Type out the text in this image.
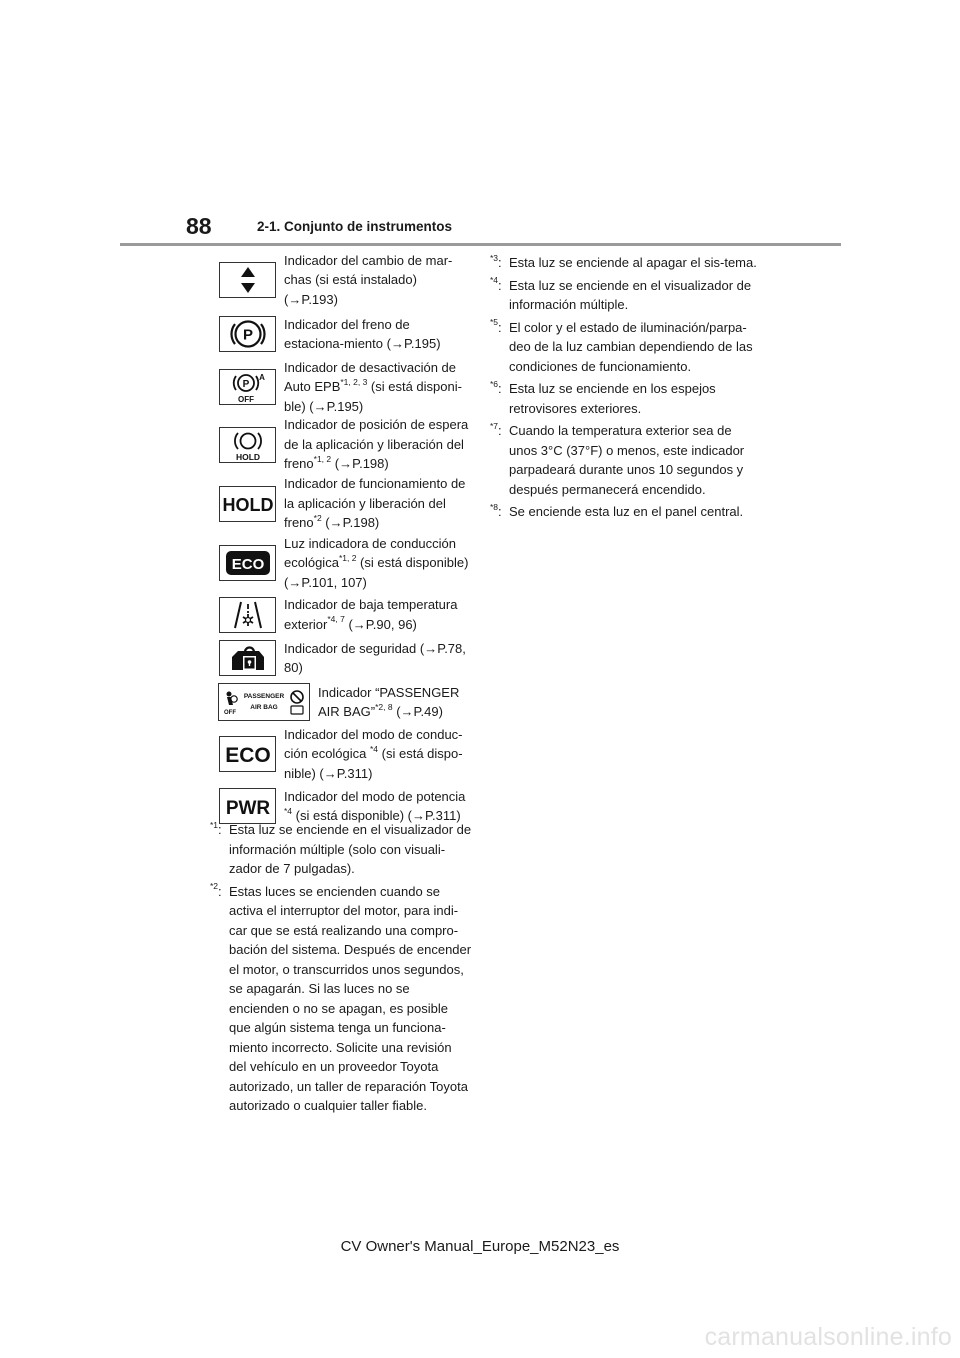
88	2-1. Conjunto de instrumentos
Indicador del cambio de mar-chas (si está instalado) (→P.193)
P
Indicador del freno de estaciona-miento (→P.195)
P
A
OFF
Indicador de desactivación de Auto EPB$^{*1, 2, 3}$ (si está disponi-ble) (→P.195)
HOLD
Indicador de posición de espera de la aplicación y liberación del freno$^{*1, 2}$ (→P.198)
HOLD
Indicador de funcionamiento de la aplicación y liberación del freno$^{*2}$ (→P.198)
ECO
Luz indicadora de conducción ecológica$^{*1, 2}$ (si está disponible) (→P.101, 107)
Indicador de baja temperatura exterior$^{*4, 7}$ (→P.90, 96)
Indicador de seguridad (→P.78, 80)
OFF
PASSENGER
AIR BAG
Indicador “PASSENGER AIR BAG”$^{*2, 8}$ (→P.49)
ECO
Indicador del modo de conduc-ción ecológica $^{*4}$ (si está dispo-nible) (→P.311)
PWR
Indicador del modo de potencia $^{*4}$ (si está disponible) (→P.311)
$^{*1}$: Esta luz se enciende en el visualizador de información múltiple (solo con visuali-zador de 7 pulgadas).
$^{*2}$: Estas luces se encienden cuando se activa el interruptor del motor, para indi-car que se está realizando una compro-bación del sistema. Después de encender el motor, o transcurridos unos segundos, se apagarán. Si las luces no se encienden o no se apagan, es posible que algún sistema tenga un funciona-miento incorrecto. Solicite una revisión del vehículo en un proveedor Toyota autorizado, un taller de reparación Toyota autorizado o cualquier taller fiable.
$^{*3}$: Esta luz se enciende al apagar el sis-tema.
$^{*4}$: Esta luz se enciende en el visualizador de información múltiple.
$^{*5}$: El color y el estado de iluminación/parpa-deo de la luz cambian dependiendo de las condiciones de funcionamiento.
$^{*6}$: Esta luz se enciende en los espejos retrovisores exteriores.
$^{*7}$: Cuando la temperatura exterior sea de unos 3°C (37°F) o menos, este indicador parpadeará durante unos 10 segundos y después permanecerá encendido.
$^{*8}$: Se enciende esta luz en el panel central.
CV Owner's Manual_Europe_M52N23_es
carmanualsonline.info
